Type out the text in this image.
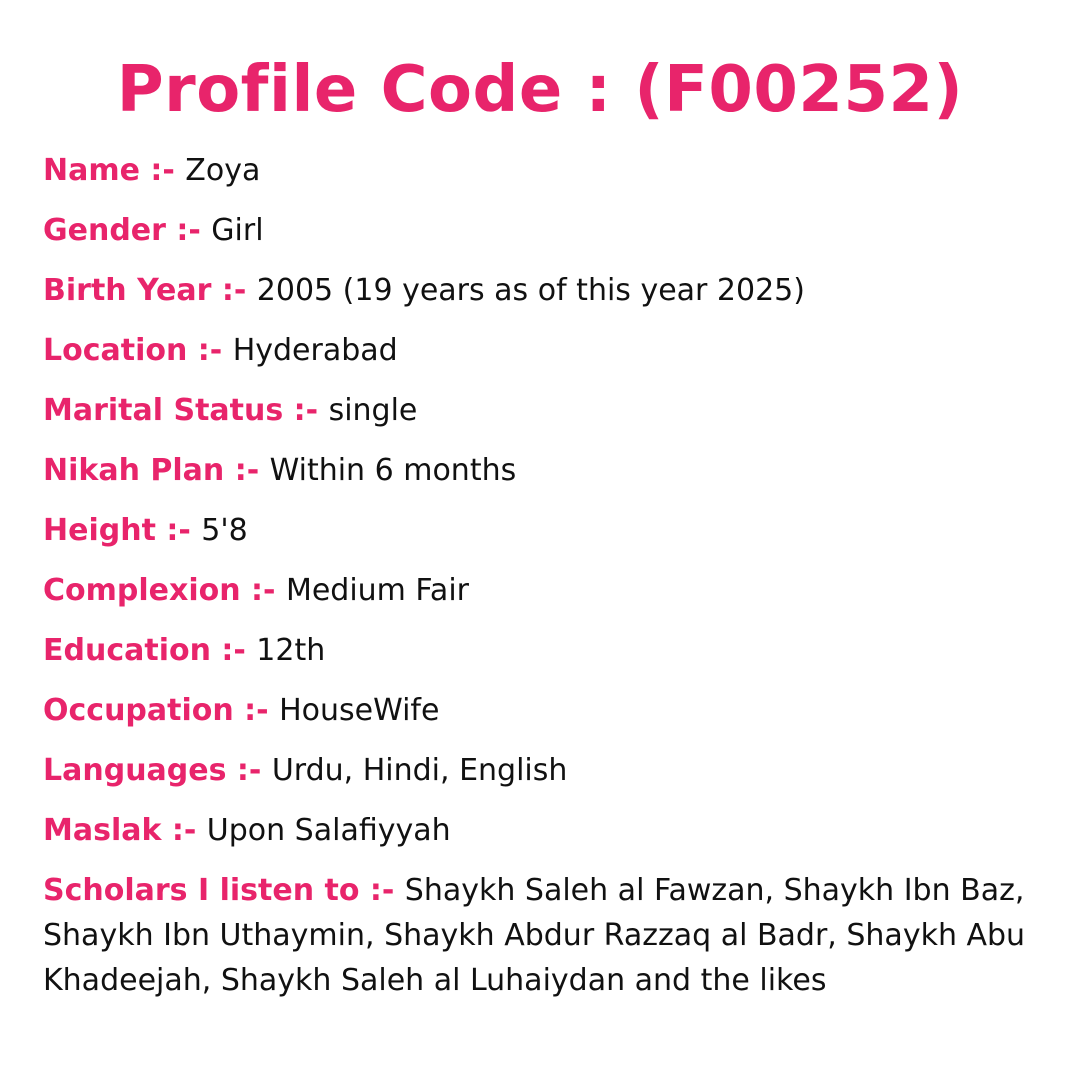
Profile Code : (F00252)
Name :- Zoya
Gender :- Girl
Birth Year :- 2005 (19 years as of this year 2025)
Location :- Hyderabad
Marital Status :- single
Nikah Plan :- Within 6 months
Height :- 5'8
Complexion :- Medium Fair
Education :- 12th
Occupation :- HouseWife
Languages :- Urdu, Hindi, English
Maslak :- Upon Salafiyyah
Scholars I listen to :- Shaykh Saleh al Fawzan, Shaykh Ibn Baz, Shaykh Ibn Uthaymin, Shaykh Abdur Razzaq al Badr, Shaykh Abu Khadeejah, Shaykh Saleh al Luhaiydan and the likes
